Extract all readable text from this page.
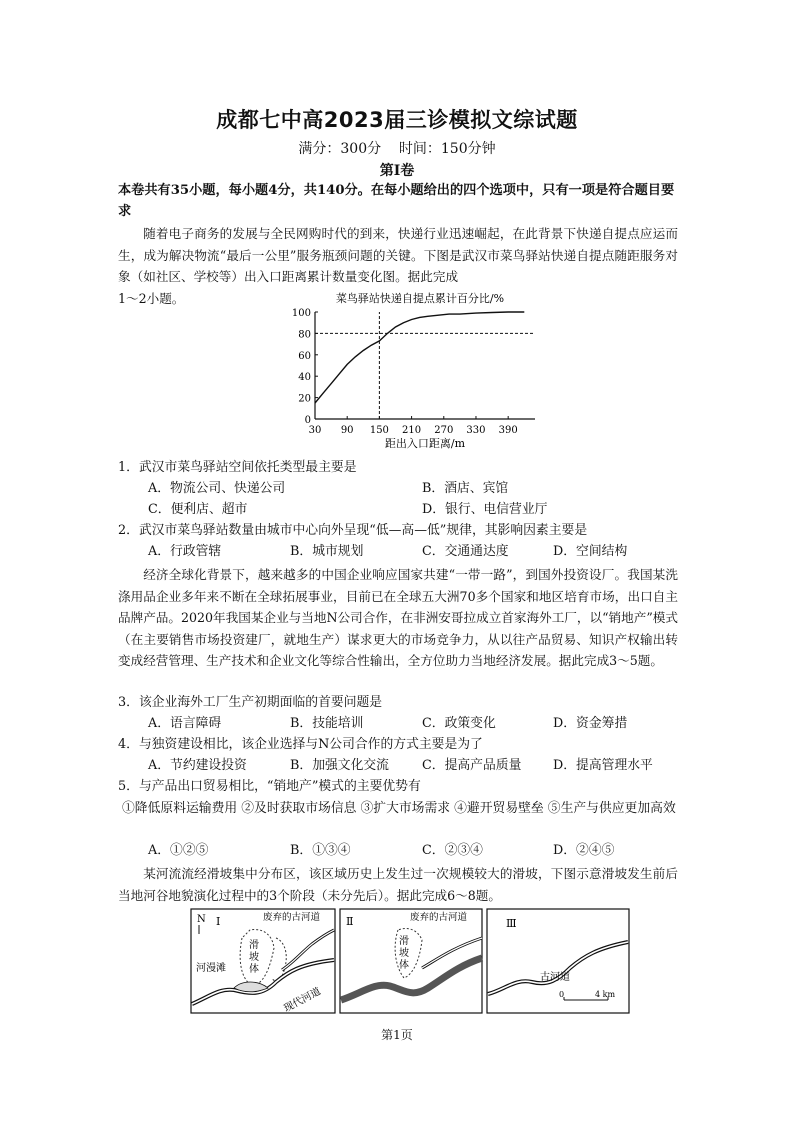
成都七中高2023届三诊模拟文综试题
满分：300分    时间：150分钟
第Ⅰ卷
本卷共有35小题，每小题4分，共140分。在每小题给出的四个选项中，只有一项是符合题目要求
随着电子商务的发展与全民网购时代的到来，快递行业迅速崛起，在此背景下快递自提点应运而生，成为解决物流“最后一公里”服务瓶颈问题的关键。下图是武汉市菜鸟驿站快递自提点随距服务对象（如社区、学校等）出入口距离累计数量变化图。据此完成
1～2小题。	菜鸟驿站快递自提点累计百分比/%
0
20
40
60
80
100
30 90 150 210 270 330 390
距出入口距离/m
1．武汉市菜鸟驿站空间依托类型最主要是
A．物流公司、快递公司	B．酒店、宾馆
C．便利店、超市	D．银行、电信营业厅
2．武汉市菜鸟驿站数量由城市中心向外呈现“低—高—低”规律，其影响因素主要是
A．行政管辖	B．城市规划	C．交通通达度	D．空间结构
经济全球化背景下，越来越多的中国企业响应国家共建“一带一路”，到国外投资设厂。我国某洗涤用品企业多年来不断在全球拓展事业，目前已在全球五大洲70多个国家和地区培育市场，出口自主品牌产品。2020年我国某企业与当地N公司合作，在非洲安哥拉成立首家海外工厂，以“销地产”模式（在主要销售市场投资建厂，就地生产）谋求更大的市场竞争力，从以往产品贸易、知识产权输出转变成经营管理、生产技术和企业文化等综合性输出，全方位助力当地经济发展。据此完成3～5题。
3．该企业海外工厂生产初期面临的首要问题是
A．语言障碍	B．技能培训	C．政策变化	D．资金筹措
4．与独资建设相比，该企业选择与N公司合作的方式主要是为了
A．节约建设投资	B．加强文化交流	C．提高产品质量 D．提高管理水平
5．与产品出口贸易相比，“销地产”模式的主要优势有
①降低原料运输费用 ②及时获取市场信息 ③扩大市场需求 ④避开贸易壁垒 ⑤生产与供应更加高效
A．①②⑤	B．①③④	C．②③④	D．②④⑤
某河流流经滑坡集中分布区，该区域历史上发生过一次规模较大的滑坡，下图示意滑坡发生前后当地河谷地貌演化过程中的3个阶段（未分先后）。据此完成6～8题。
N Ⅰ	废弃的古河道
滑
坡
体
河漫滩
现代河道
Ⅱ	废弃的古河道
滑
坡
体
Ⅲ
古河道
0	4 km
第1页
